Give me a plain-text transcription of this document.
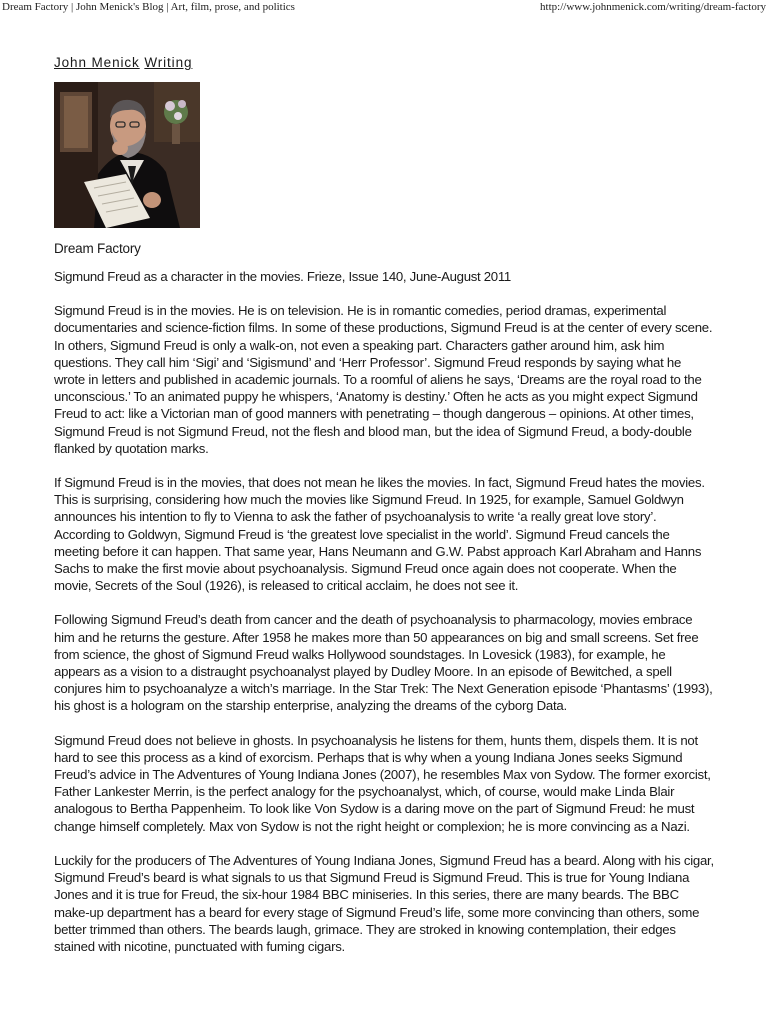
Dream Factory | John Menick's Blog | Art, film, prose, and politics	http://www.johnmenick.com/writing/dream-factory
John Menick Writing
Dream Factory

Sigmund Freud as a character in the movies. Frieze, Issue 140, June-August 2011

Sigmund Freud is in the movies. He is on television. He is in romantic comedies, period dramas, experimental documentaries and science-fiction films. In some of these productions, Sigmund Freud is at the center of every scene. In others, Sigmund Freud is only a walk-on, not even a speaking part. Characters gather around him, ask him questions. They call him ‘Sigi’ and ‘Sigismund’ and ‘Herr Professor’. Sigmund Freud responds by saying what he wrote in letters and published in academic journals. To a roomful of aliens he says, ‘Dreams are the royal road to the unconscious.’ To an animated puppy he whispers, ‘Anatomy is destiny.’ Often he acts as you might expect Sigmund Freud to act: like a Victorian man of good manners with penetrating – though dangerous – opinions. At other times, Sigmund Freud is not Sigmund Freud, not the flesh and blood man, but the idea of Sigmund Freud, a body-double flanked by quotation marks.

If Sigmund Freud is in the movies, that does not mean he likes the movies. In fact, Sigmund Freud hates the movies. This is surprising, considering how much the movies like Sigmund Freud. In 1925, for example, Samuel Goldwyn announces his intention to fly to Vienna to ask the father of psychoanalysis to write ‘a really great love story’. According to Goldwyn, Sigmund Freud is ‘the greatest love specialist in the world’. Sigmund Freud cancels the meeting before it can happen. That same year, Hans Neumann and G.W. Pabst approach Karl Abraham and Hanns Sachs to make the first movie about psychoanalysis. Sigmund Freud once again does not cooperate. When the movie, Secrets of the Soul (1926), is released to critical acclaim, he does not see it.

Following Sigmund Freud’s death from cancer and the death of psychoanalysis to pharmacology, movies embrace him and he returns the gesture. After 1958 he makes more than 50 appearances on big and small screens. Set free from science, the ghost of Sigmund Freud walks Hollywood soundstages. In Lovesick (1983), for example, he appears as a vision to a distraught psychoanalyst played by Dudley Moore. In an episode of Bewitched, a spell conjures him to psychoanalyze a witch’s marriage. In the Star Trek: The Next Generation episode ‘Phantasms’ (1993), his ghost is a hologram on the starship enterprise, analyzing the dreams of the cyborg Data.

Sigmund Freud does not believe in ghosts. In psychoanalysis he listens for them, hunts them, dispels them. It is not hard to see this process as a kind of exorcism. Perhaps that is why when a young Indiana Jones seeks Sigmund Freud’s advice in The Adventures of Young Indiana Jones (2007), he resembles Max von Sydow. The former exorcist, Father Lankester Merrin, is the perfect analogy for the psychoanalyst, which, of course, would make Linda Blair analogous to Bertha Pappenheim. To look like Von Sydow is a daring move on the part of Sigmund Freud: he must change himself completely. Max von Sydow is not the right height or complexion; he is more convincing as a Nazi.

Luckily for the producers of The Adventures of Young Indiana Jones, Sigmund Freud has a beard. Along with his cigar, Sigmund Freud’s beard is what signals to us that Sigmund Freud is Sigmund Freud. This is true for Young Indiana Jones and it is true for Freud, the six-hour 1984 BBC miniseries. In this series, there are many beards. The BBC make-up department has a beard for every stage of Sigmund Freud’s life, some more convincing than others, some better trimmed than others. The beards laugh, grimace. They are stroked in knowing contemplation, their edges stained with nicotine, punctuated with fuming cigars.
